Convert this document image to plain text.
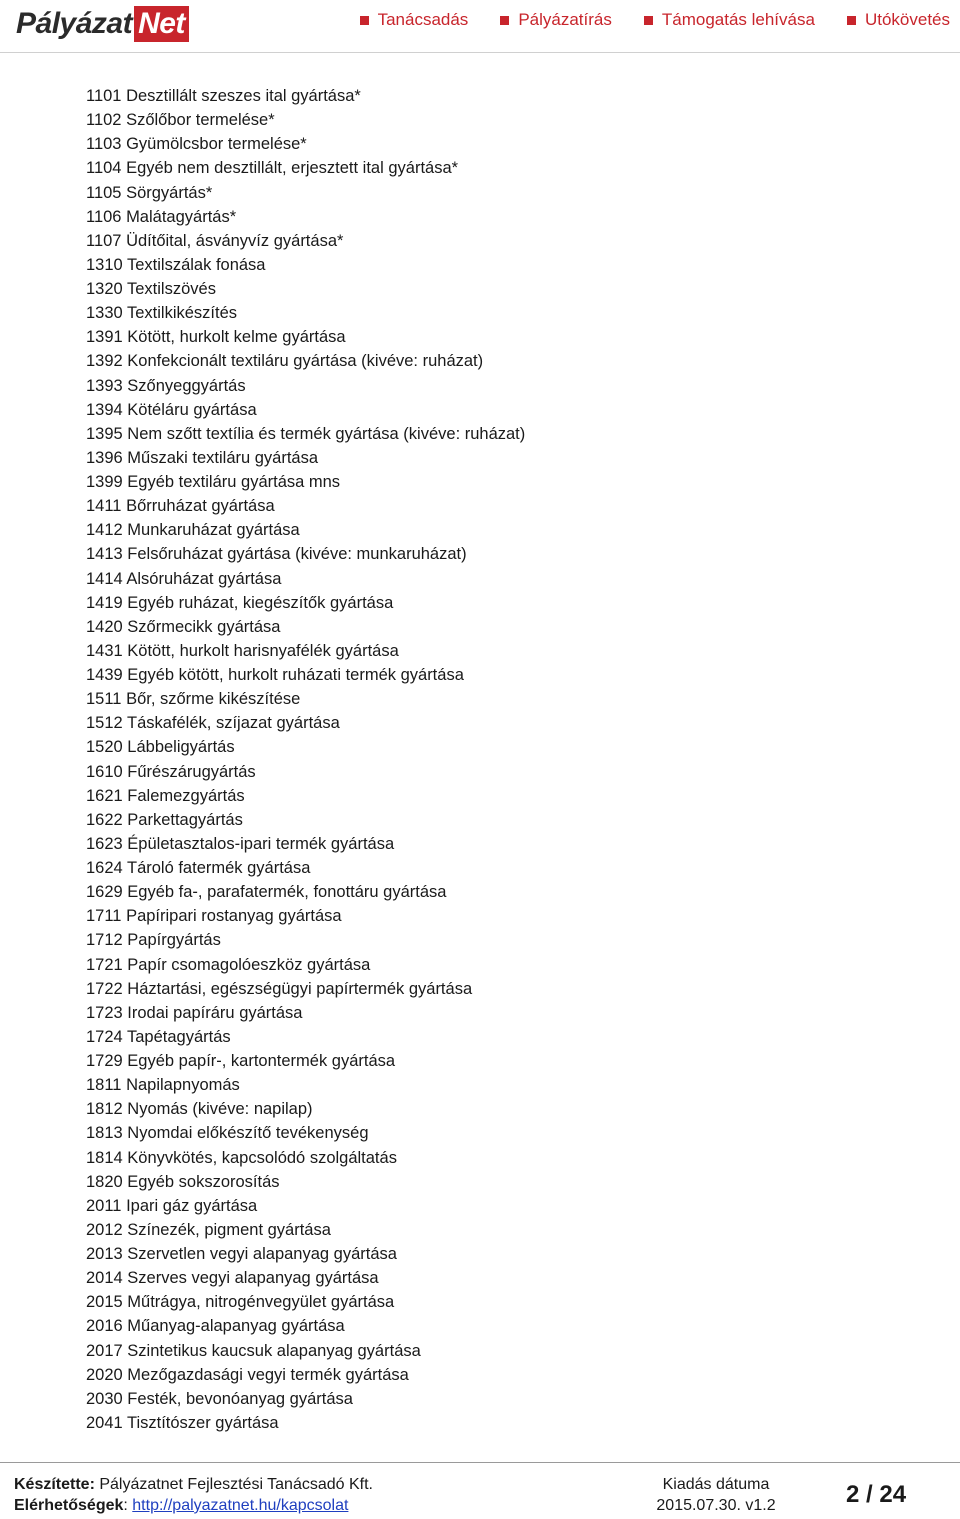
Pályázat Net	Tanácsadás	Pályázatírás	Támogatás lehívása	Utókövetés
1101 Desztillált szeszes ital gyártása*
1102 Szőlőbor termelése*
1103 Gyümölcsbor termelése*
1104 Egyéb nem desztillált, erjesztett ital gyártása*
1105 Sörgyártás*
1106 Malátagyártás*
1107 Üdítőital, ásványvíz gyártása*
1310 Textilszálak fonása
1320 Textilszövés
1330 Textilkikészítés
1391 Kötött, hurkolt kelme gyártása
1392 Konfekcionált textiláru gyártása (kivéve: ruházat)
1393 Szőnyeggyártás
1394 Kötéláru gyártása
1395 Nem szőtt textília és termék gyártása (kivéve: ruházat)
1396 Műszaki textiláru gyártása
1399 Egyéb textiláru gyártása mns
1411 Bőrruházat gyártása
1412 Munkaruházat gyártása
1413 Felsőruházat gyártása (kivéve: munkaruházat)
1414 Alsóruházat gyártása
1419 Egyéb ruházat, kiegészítők gyártása
1420 Szőrmecikk gyártása
1431 Kötött, hurkolt harisnyafélék gyártása
1439 Egyéb kötött, hurkolt ruházati termék gyártása
1511 Bőr, szőrme kikészítése
1512 Táskafélék, szíjazat gyártása
1520 Lábbeligyártás
1610 Fűrészárugyártás
1621 Falemezgyártás
1622 Parkettagyártás
1623 Épületasztalos-ipari termék gyártása
1624 Tároló fatermék gyártása
1629 Egyéb fa-, parafatermék, fonottáru gyártása
1711 Papíripari rostanyag gyártása
1712 Papírgyártás
1721 Papír csomagolóeszköz gyártása
1722 Háztartási, egészségügyi papírtermék gyártása
1723 Irodai papíráru gyártása
1724 Tapétagyártás
1729 Egyéb papír-, kartontermék gyártása
1811 Napilapnyomás
1812 Nyomás (kivéve: napilap)
1813 Nyomdai előkészítő tevékenység
1814 Könyvkötés, kapcsolódó szolgáltatás
1820 Egyéb sokszorosítás
2011 Ipari gáz gyártása
2012 Színezék, pigment gyártása
2013 Szervetlen vegyi alapanyag gyártása
2014 Szerves vegyi alapanyag gyártása
2015 Műtrágya, nitrogénvegyület gyártása
2016 Műanyag-alapanyag gyártása
2017 Szintetikus kaucsuk alapanyag gyártása
2020 Mezőgazdasági vegyi termék gyártása
2030 Festék, bevonóanyag gyártása
2041 Tisztítószer gyártása
Készítette: Pályázatnet Fejlesztési Tanácsadó Kft.
Elérhetőségek: http://palyazatnet.hu/kapcsolat
Kiadás dátuma
2015.07.30. v1.2	2 / 24
